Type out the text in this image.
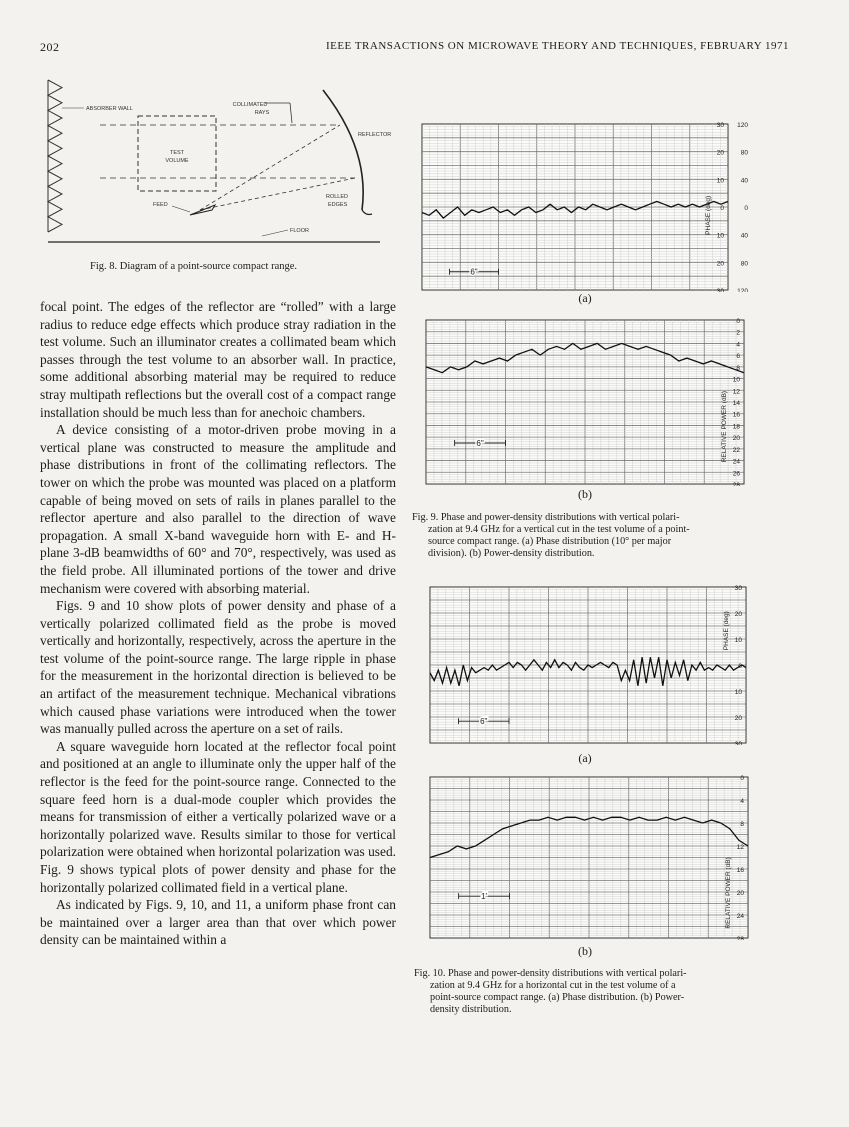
202	IEEE TRANSACTIONS ON MICROWAVE THEORY AND TECHNIQUES, FEBRUARY 1971
ABSORBER WALL
TEST
VOLUME
COLLIMATED
RAYS
REFLECTOR
FEED
ROLLED
EDGES
FLOOR
Fig. 8. Diagram of a point-source compact range.

focal point. The edges of the reflector are “rolled” with a large radius to reduce edge effects which produce stray radiation in the test volume. Such an illuminator creates a collimated beam which passes through the test volume to an absorber wall. In practice, some additional absorbing material may be required to reduce stray multipath reflections but the overall cost of a compact range installation should be much less than for anechoic chambers.

A device consisting of a motor-driven probe moving in a vertical plane was constructed to measure the amplitude and phase distributions in front of the collimating reflectors. The tower on which the probe was mounted was placed on a platform capable of being moved on sets of rails in planes parallel to the reflector aperture and also parallel to the direction of wave propagation. A small X-band waveguide horn with E- and H-plane 3-dB beamwidths of 60° and 70°, respectively, was used as the field probe. All illuminated portions of the tower and drive mechanism were covered with absorbing material.

Figs. 9 and 10 show plots of power density and phase of a vertically polarized collimated field as the probe is moved vertically and horizontally, respectively, across the aperture in the test volume of the point-source range. The large ripple in phase for the measurement in the horizontal direction is believed to be an artifact of the measurement technique. Mechanical vibrations which caused phase variations were introduced when the tower was manually pulled across the aperture on a set of rails.

A square waveguide horn located at the reflector focal point and positioned at an angle to illuminate only the upper half of the reflector is the feed for the point-source range. Connected to the square feed horn is a dual-mode coupler which provides the means for transmission of either a vertically polarized wave or a horizontally polarized wave. Results similar to those for vertical polarization were obtained when horizontal polarization was used. Fig. 9 shows typical plots of power density and phase for the horizontally polarized collimated field in a vertical plane.

As indicated by Figs. 9, 10, and 11, a uniform phase front can be maintained over a larger area than that over which power density can be maintained within a

30
20
10
0
10
20
30
120
80
40
0
40
80
120
PHASE (deg)
6"
(a)
0
2
4
6
8
10
12
14
16
18
20
22
24
26
28
RELATIVE POWER (dB)
6"
(b)
Fig. 9. Phase and power-density distributions with vertical polari-
zation at 9.4 GHz for a vertical cut in the test volume of a point-
source compact range. (a) Phase distribution (10° per major
division). (b) Power-density distribution.
30
20
10
0
10
20
30
PHASE (deg)
6"
(a)
0
4
8
12
16
20
24
28
RELATIVE POWER (dB)
1'
(b)
Fig. 10. Phase and power-density distributions with vertical polari-
zation at 9.4 GHz for a horizontal cut in the test volume of a
point-source compact range. (a) Phase distribution. (b) Power-
density distribution.
